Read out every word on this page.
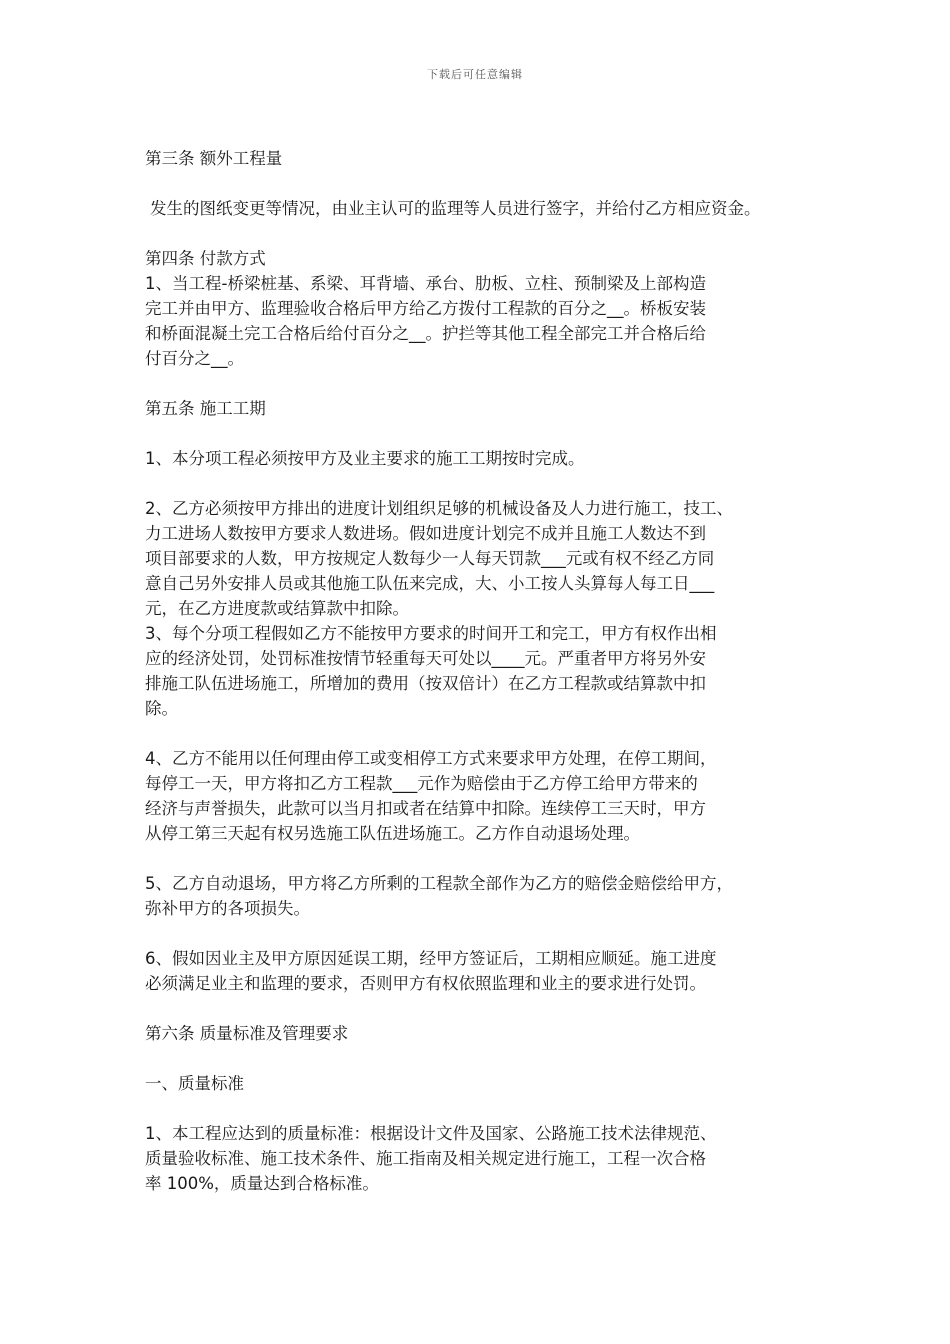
下载后可任意编辑

第三条 额外工程量

发生的图纸变更等情况，由业主认可的监理等人员进行签字，并给付乙方相应资金。

第四条 付款方式

1、当工程-桥梁桩基、系梁、耳背墙、承台、肋板、立柱、预制梁及上部构造
完工并由甲方、监理验收合格后甲方给乙方拨付工程款的百分之__。桥板安装
和桥面混凝土完工合格后给付百分之__。护拦等其他工程全部完工并合格后给
付百分之__。

第五条 施工工期

1、本分项工程必须按甲方及业主要求的施工工期按时完成。

2、乙方必须按甲方排出的进度计划组织足够的机械设备及人力进行施工，技工、
力工进场人数按甲方要求人数进场。假如进度计划完不成并且施工人数达不到
项目部要求的人数，甲方按规定人数每少一人每天罚款___元或有权不经乙方同
意自己另外安排人员或其他施工队伍来完成，大、小工按人头算每人每工日___
元，在乙方进度款或结算款中扣除。

3、每个分项工程假如乙方不能按甲方要求的时间开工和完工，甲方有权作出相
应的经济处罚，处罚标准按情节轻重每天可处以____元。严重者甲方将另外安
排施工队伍进场施工，所增加的费用（按双倍计）在乙方工程款或结算款中扣
除。

4、乙方不能用以任何理由停工或变相停工方式来要求甲方处理，在停工期间，
每停工一天，甲方将扣乙方工程款___元作为赔偿由于乙方停工给甲方带来的
经济与声誉损失，此款可以当月扣或者在结算中扣除。连续停工三天时，甲方
从停工第三天起有权另选施工队伍进场施工。乙方作自动退场处理。

5、乙方自动退场，甲方将乙方所剩的工程款全部作为乙方的赔偿金赔偿给甲方，
弥补甲方的各项损失。

6、假如因业主及甲方原因延误工期，经甲方签证后，工期相应顺延。施工进度
必须满足业主和监理的要求，否则甲方有权依照监理和业主的要求进行处罚。

第六条 质量标准及管理要求

一、质量标准

1、本工程应达到的质量标准：根据设计文件及国家、公路施工技术法律规范、
质量验收标准、施工技术条件、施工指南及相关规定进行施工，工程一次合格
率 100%，质量达到合格标准。
